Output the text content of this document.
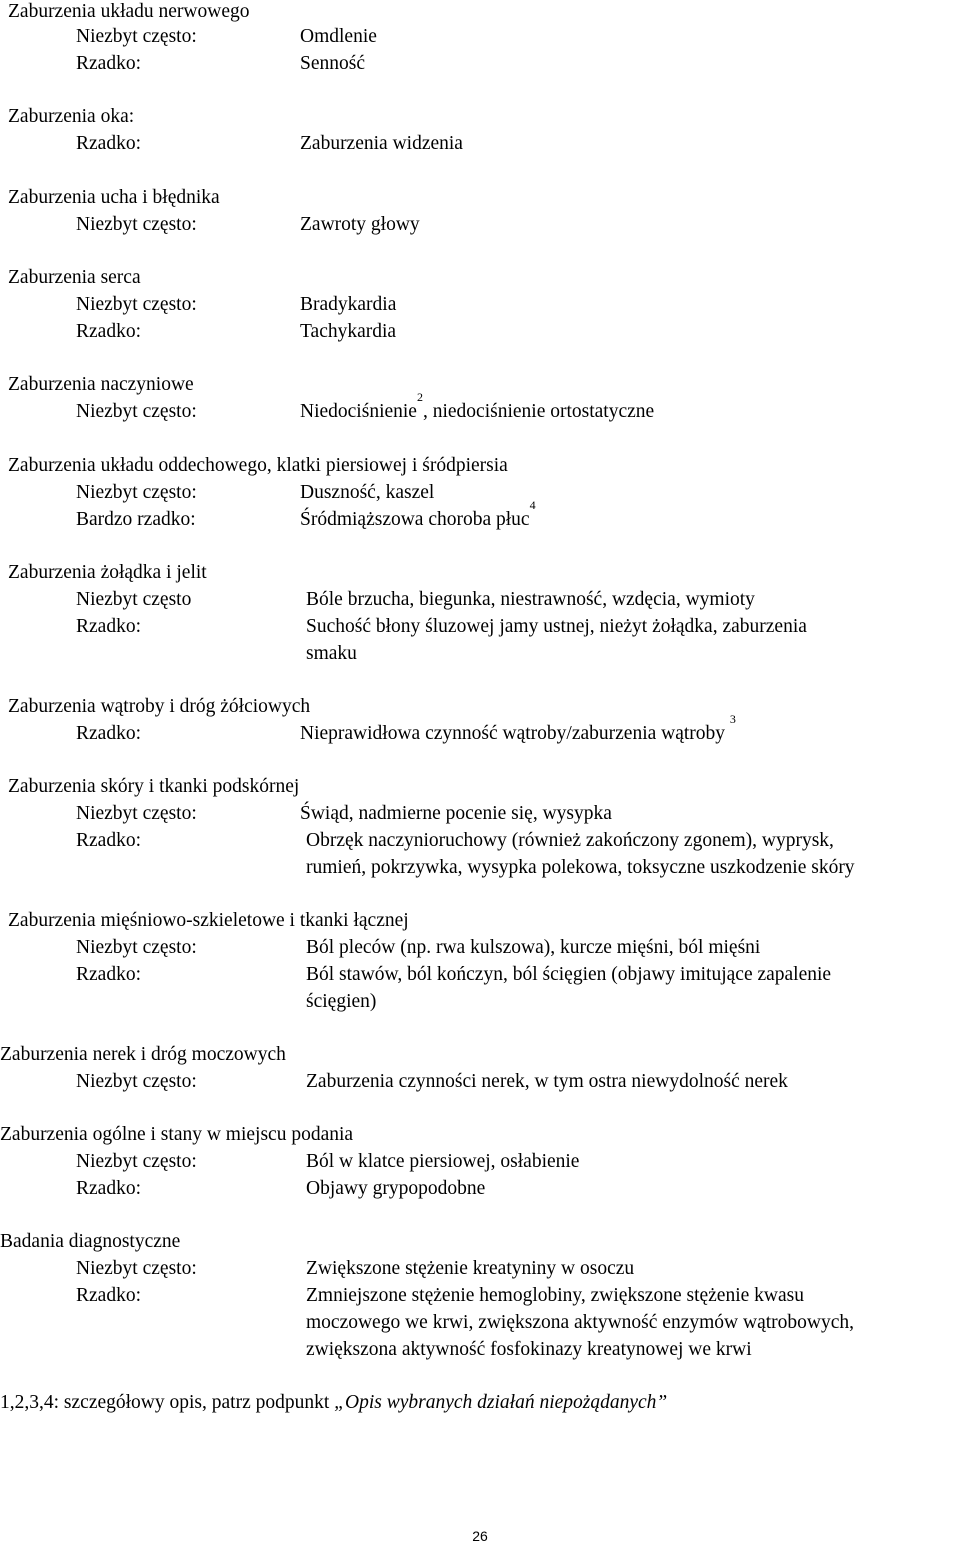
Zaburzenia układu nerwowego
Niezbyt często:	Omdlenie
Rzadko:	Senność
Zaburzenia oka:
Rzadko:	Zaburzenia widzenia
Zaburzenia ucha i błędnika
Niezbyt często:	Zawroty głowy
Zaburzenia serca
Niezbyt często:	Bradykardia
Rzadko:	Tachykardia
Zaburzenia naczyniowe
Niezbyt często:	Niedociśnienie$^2$, niedociśnienie ortostatyczne
Zaburzenia układu oddechowego, klatki piersiowej i śródpiersia
Niezbyt często:	Duszność, kaszel
Bardzo rzadko:	Śródmiąższowa choroba płuc$^4$
Zaburzenia żołądka i jelit
Niezbyt często	Bóle brzucha, biegunka, niestrawność, wzdęcia, wymioty
Rzadko:	Suchość błony śluzowej jamy ustnej, nieżyt żołądka, zaburzenia
smaku
Zaburzenia wątroby i dróg żółciowych
Rzadko:	Nieprawidłowa czynność wątroby/zaburzenia wątroby $^3$
Zaburzenia skóry i tkanki podskórnej
Niezbyt często:	Świąd, nadmierne pocenie się, wysypka
Rzadko:	Obrzęk naczynioruchowy (również zakończony zgonem), wyprysk,
rumień, pokrzywka, wysypka polekowa, toksyczne uszkodzenie skóry
Zaburzenia mięśniowo-szkieletowe i tkanki łącznej
Niezbyt często:	Ból pleców (np. rwa kulszowa), kurcze mięśni, ból mięśni
Rzadko:	Ból stawów, ból kończyn, ból ścięgien (objawy imitujące zapalenie
ścięgien)
Zaburzenia nerek i dróg moczowych
Niezbyt często:	Zaburzenia czynności nerek, w tym ostra niewydolność nerek
Zaburzenia ogólne i stany w miejscu podania
Niezbyt często:	Ból w klatce piersiowej, osłabienie
Rzadko:	Objawy grypopodobne
Badania diagnostyczne
Niezbyt często:	Zwiększone stężenie kreatyniny w osoczu
Rzadko:	Zmniejszone stężenie hemoglobiny, zwiększone stężenie kwasu
moczowego we krwi, zwiększona aktywność enzymów wątrobowych,
zwiększona aktywność fosfokinazy kreatynowej we krwi
1,2,3,4: szczegółowy opis, patrz podpunkt „Opis wybranych działań niepożądanych”
26
